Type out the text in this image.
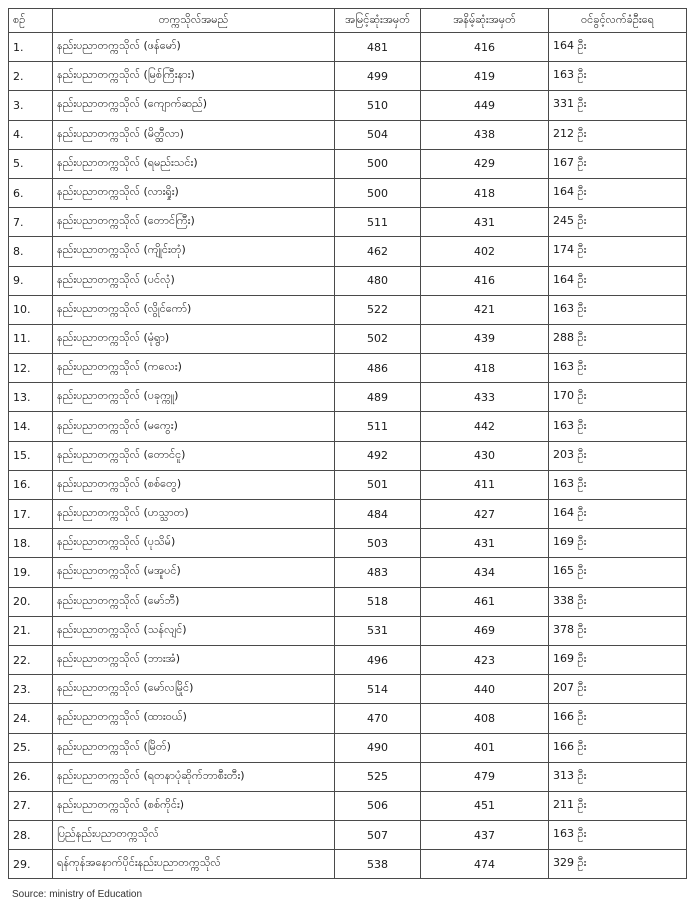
စဉ်	တက္ကသိုလ်အမည်	အမြင့်ဆုံးအမှတ်	အနိမ့်ဆုံးအမှတ်	ဝင်ခွင့်လက်ခံဦးရေ
1.	နည်းပညာတက္ကသိုလ် (ဖန်မော်)	481	416	164 ဦး
2.	နည်းပညာတက္ကသိုလ် (မြစ်ကြီးနား)	499	419	163 ဦး
3.	နည်းပညာတက္ကသိုလ် (ကျောက်ဆည်)	510	449	331 ဦး
4.	နည်းပညာတက္ကသိုလ် (မိတ္ထီလာ)	504	438	212 ဦး
5.	နည်းပညာတက္ကသိုလ် (ရမည်းသင်း)	500	429	167 ဦး
6.	နည်းပညာတက္ကသိုလ် (လားရှိုး)	500	418	164 ဦး
7.	နည်းပညာတက္ကသိုလ် (တောင်ကြီး)	511	431	245 ဦး
8.	နည်းပညာတက္ကသိုလ် (ကျိုင်းတုံ)	462	402	174 ဦး
9.	နည်းပညာတက္ကသိုလ် (ပင်လုံ)	480	416	164 ဦး
10.	နည်းပညာတက္ကသိုလ် (လွိုင်ကော်)	522	421	163 ဦး
11.	နည်းပညာတက္ကသိုလ် (မုံရွာ)	502	439	288 ဦး
12.	နည်းပညာတက္ကသိုလ် (ကလေး)	486	418	163 ဦး
13.	နည်းပညာတက္ကသိုလ် (ပခုက္ကူ)	489	433	170 ဦး
14.	နည်းပညာတက္ကသိုလ် (မကွေး)	511	442	163 ဦး
15.	နည်းပညာတက္ကသိုလ် (တောင်ငူ)	492	430	203 ဦး
16.	နည်းပညာတက္ကသိုလ် (စစ်တွေ)	501	411	163 ဦး
17.	နည်းပညာတက္ကသိုလ် (ဟသ္သာတ)	484	427	164 ဦး
18.	နည်းပညာတက္ကသိုလ် (ပုသိမ်)	503	431	169 ဦး
19.	နည်းပညာတက္ကသိုလ် (မအူပင်)	483	434	165 ဦး
20.	နည်းပညာတက္ကသိုလ် (မော်ဘီ)	518	461	338 ဦး
21.	နည်းပညာတက္ကသိုလ် (သန်လျင်)	531	469	378 ဦး
22.	နည်းပညာတက္ကသိုလ် (ဘားအံ)	496	423	169 ဦး
23.	နည်းပညာတက္ကသိုလ် (မော်လမြိုင်)	514	440	207 ဦး
24.	နည်းပညာတက္ကသိုလ် (ထားဝယ်)	470	408	166 ဦး
25.	နည်းပညာတက္ကသိုလ် (မြိတ်)	490	401	166 ဦး
26.	နည်းပညာတက္ကသိုလ် (ရတနာပုံဆိုက်ဘာစီးတီး)	525	479	313 ဦး
27.	နည်းပညာတက္ကသိုလ် (စစ်ကိုင်း)	506	451	211 ဦး
28.	ပြည်နည်းပညာတက္ကသိုလ်	507	437	163 ဦး
29.	ရန်ကုန်အနောက်ပိုင်းနည်းပညာတက္ကသိုလ်	538	474	329 ဦး
Source: ministry of Education
